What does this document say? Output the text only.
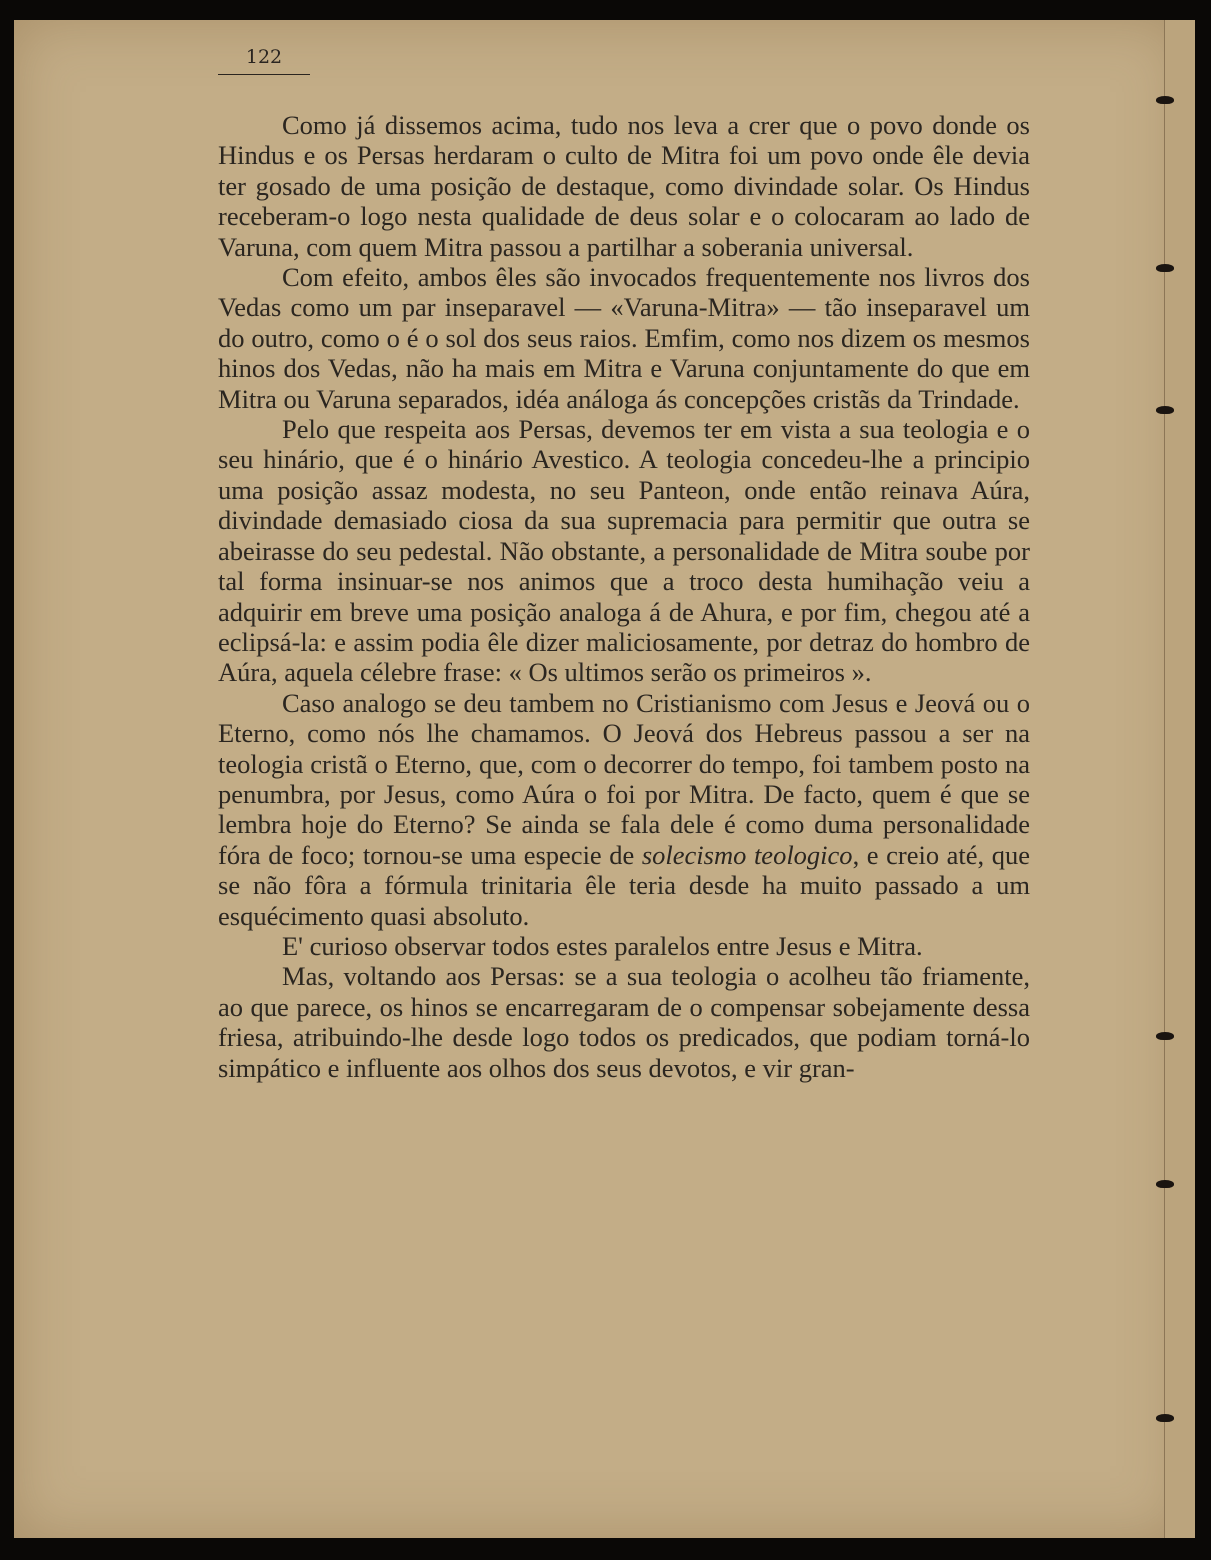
122

Como já dissemos acima, tudo nos leva a crer que o povo donde os Hindus e os Persas herdaram o culto de Mitra foi um povo onde êle devia ter gosado de uma posição de destaque, como divindade solar. Os Hindus receberam-o logo nesta qualidade de deus solar e o colocaram ao lado de Varuna, com quem Mitra passou a partilhar a soberania universal.

Com efeito, ambos êles são invocados frequentemente nos livros dos Vedas como um par inseparavel — «Varuna-Mitra» — tão inseparavel um do outro, como o é o sol dos seus raios. Emfim, como nos dizem os mesmos hinos dos Vedas, não ha mais em Mitra e Varuna conjuntamente do que em Mitra ou Varuna separados, idéa análoga ás concepções cristãs da Trindade.

Pelo que respeita aos Persas, devemos ter em vista a sua teologia e o seu hinário, que é o hinário Avestico. A teologia concedeu-lhe a principio uma posição assaz modesta, no seu Panteon, onde então reinava Aúra, divindade demasiado ciosa da sua supremacia para permitir que outra se abeirasse do seu pedestal. Não obstante, a personalidade de Mitra soube por tal forma insinuar-se nos animos que a troco desta humihação veiu a adquirir em breve uma posição analoga á de Ahura, e por fim, chegou até a eclipsá-la: e assim podia êle dizer maliciosamente, por detraz do hombro de Aúra, aquela célebre frase: « Os ultimos serão os primeiros ».

Caso analogo se deu tambem no Cristianismo com Jesus e Jeová ou o Eterno, como nós lhe chamamos. O Jeová dos Hebreus passou a ser na teologia cristã o Eterno, que, com o decorrer do tempo, foi tambem posto na penumbra, por Jesus, como Aúra o foi por Mitra. De facto, quem é que se lembra hoje do Eterno? Se ainda se fala dele é como duma personalidade fóra de foco; tornou-se uma especie de solecismo teologico, e creio até, que se não fôra a fórmula trinitaria êle teria desde ha muito passado a um esquécimento quasi absoluto.

E' curioso observar todos estes paralelos entre Jesus e Mitra.

Mas, voltando aos Persas: se a sua teologia o acolheu tão friamente, ao que parece, os hinos se encarregaram de o compensar sobejamente dessa friesa, atribuindo-lhe desde logo todos os predicados, que podiam torná-lo simpático e influente aos olhos dos seus devotos, e vir gran-
